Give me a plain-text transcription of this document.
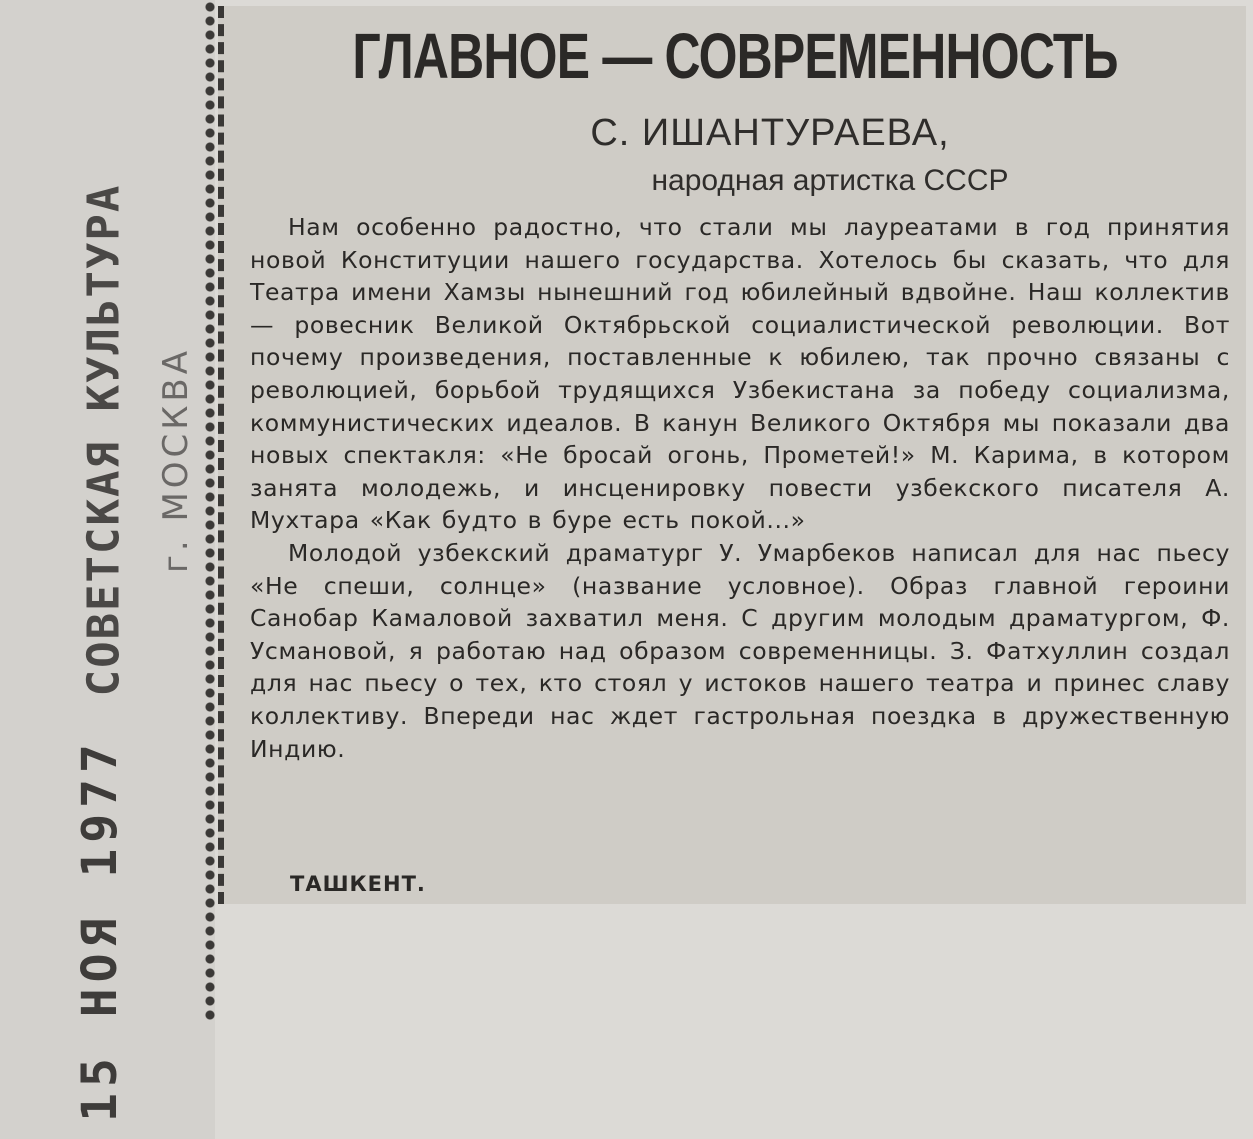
СОВЕТСКАЯ КУЛЬТУРА г. МОСКВА
15 НОЯ 1977
ГЛАВНОЕ — СОВРЕМЕННОСТЬ
С. ИШАНТУРАЕВА,
народная артистка СССР

Нам особенно радостно, что стали мы лауреатами в год принятия новой Конституции нашего государства. Хотелось бы сказать, что для Театра имени Хамзы нынешний год юбилейный вдвойне. Наш коллектив — ровесник Великой Октябрьской социалистической революции. Вот почему произведения, поставленные к юбилею, так прочно связаны с революцией, борьбой трудящихся Узбекистана за победу социализма, коммунистических идеалов. В канун Великого Октября мы показали два новых спектакля: «Не бросай огонь, Прометей!» М. Карима, в котором занята молодежь, и инсценировку повести узбекского писателя А. Мухтара «Как будто в буре есть покой...»

Молодой узбекский драматург У. Умарбеков написал для нас пьесу «Не спеши, солнце» (название условное). Образ главной героини Санобар Камаловой захватил меня. С другим молодым драматургом, Ф. Усмановой, я работаю над образом современницы. З. Фатхуллин создал для нас пьесу о тех, кто стоял у истоков нашего театра и принес славу коллективу. Впереди нас ждет гастрольная поездка в дружественную Индию.

ТАШКЕНТ.
